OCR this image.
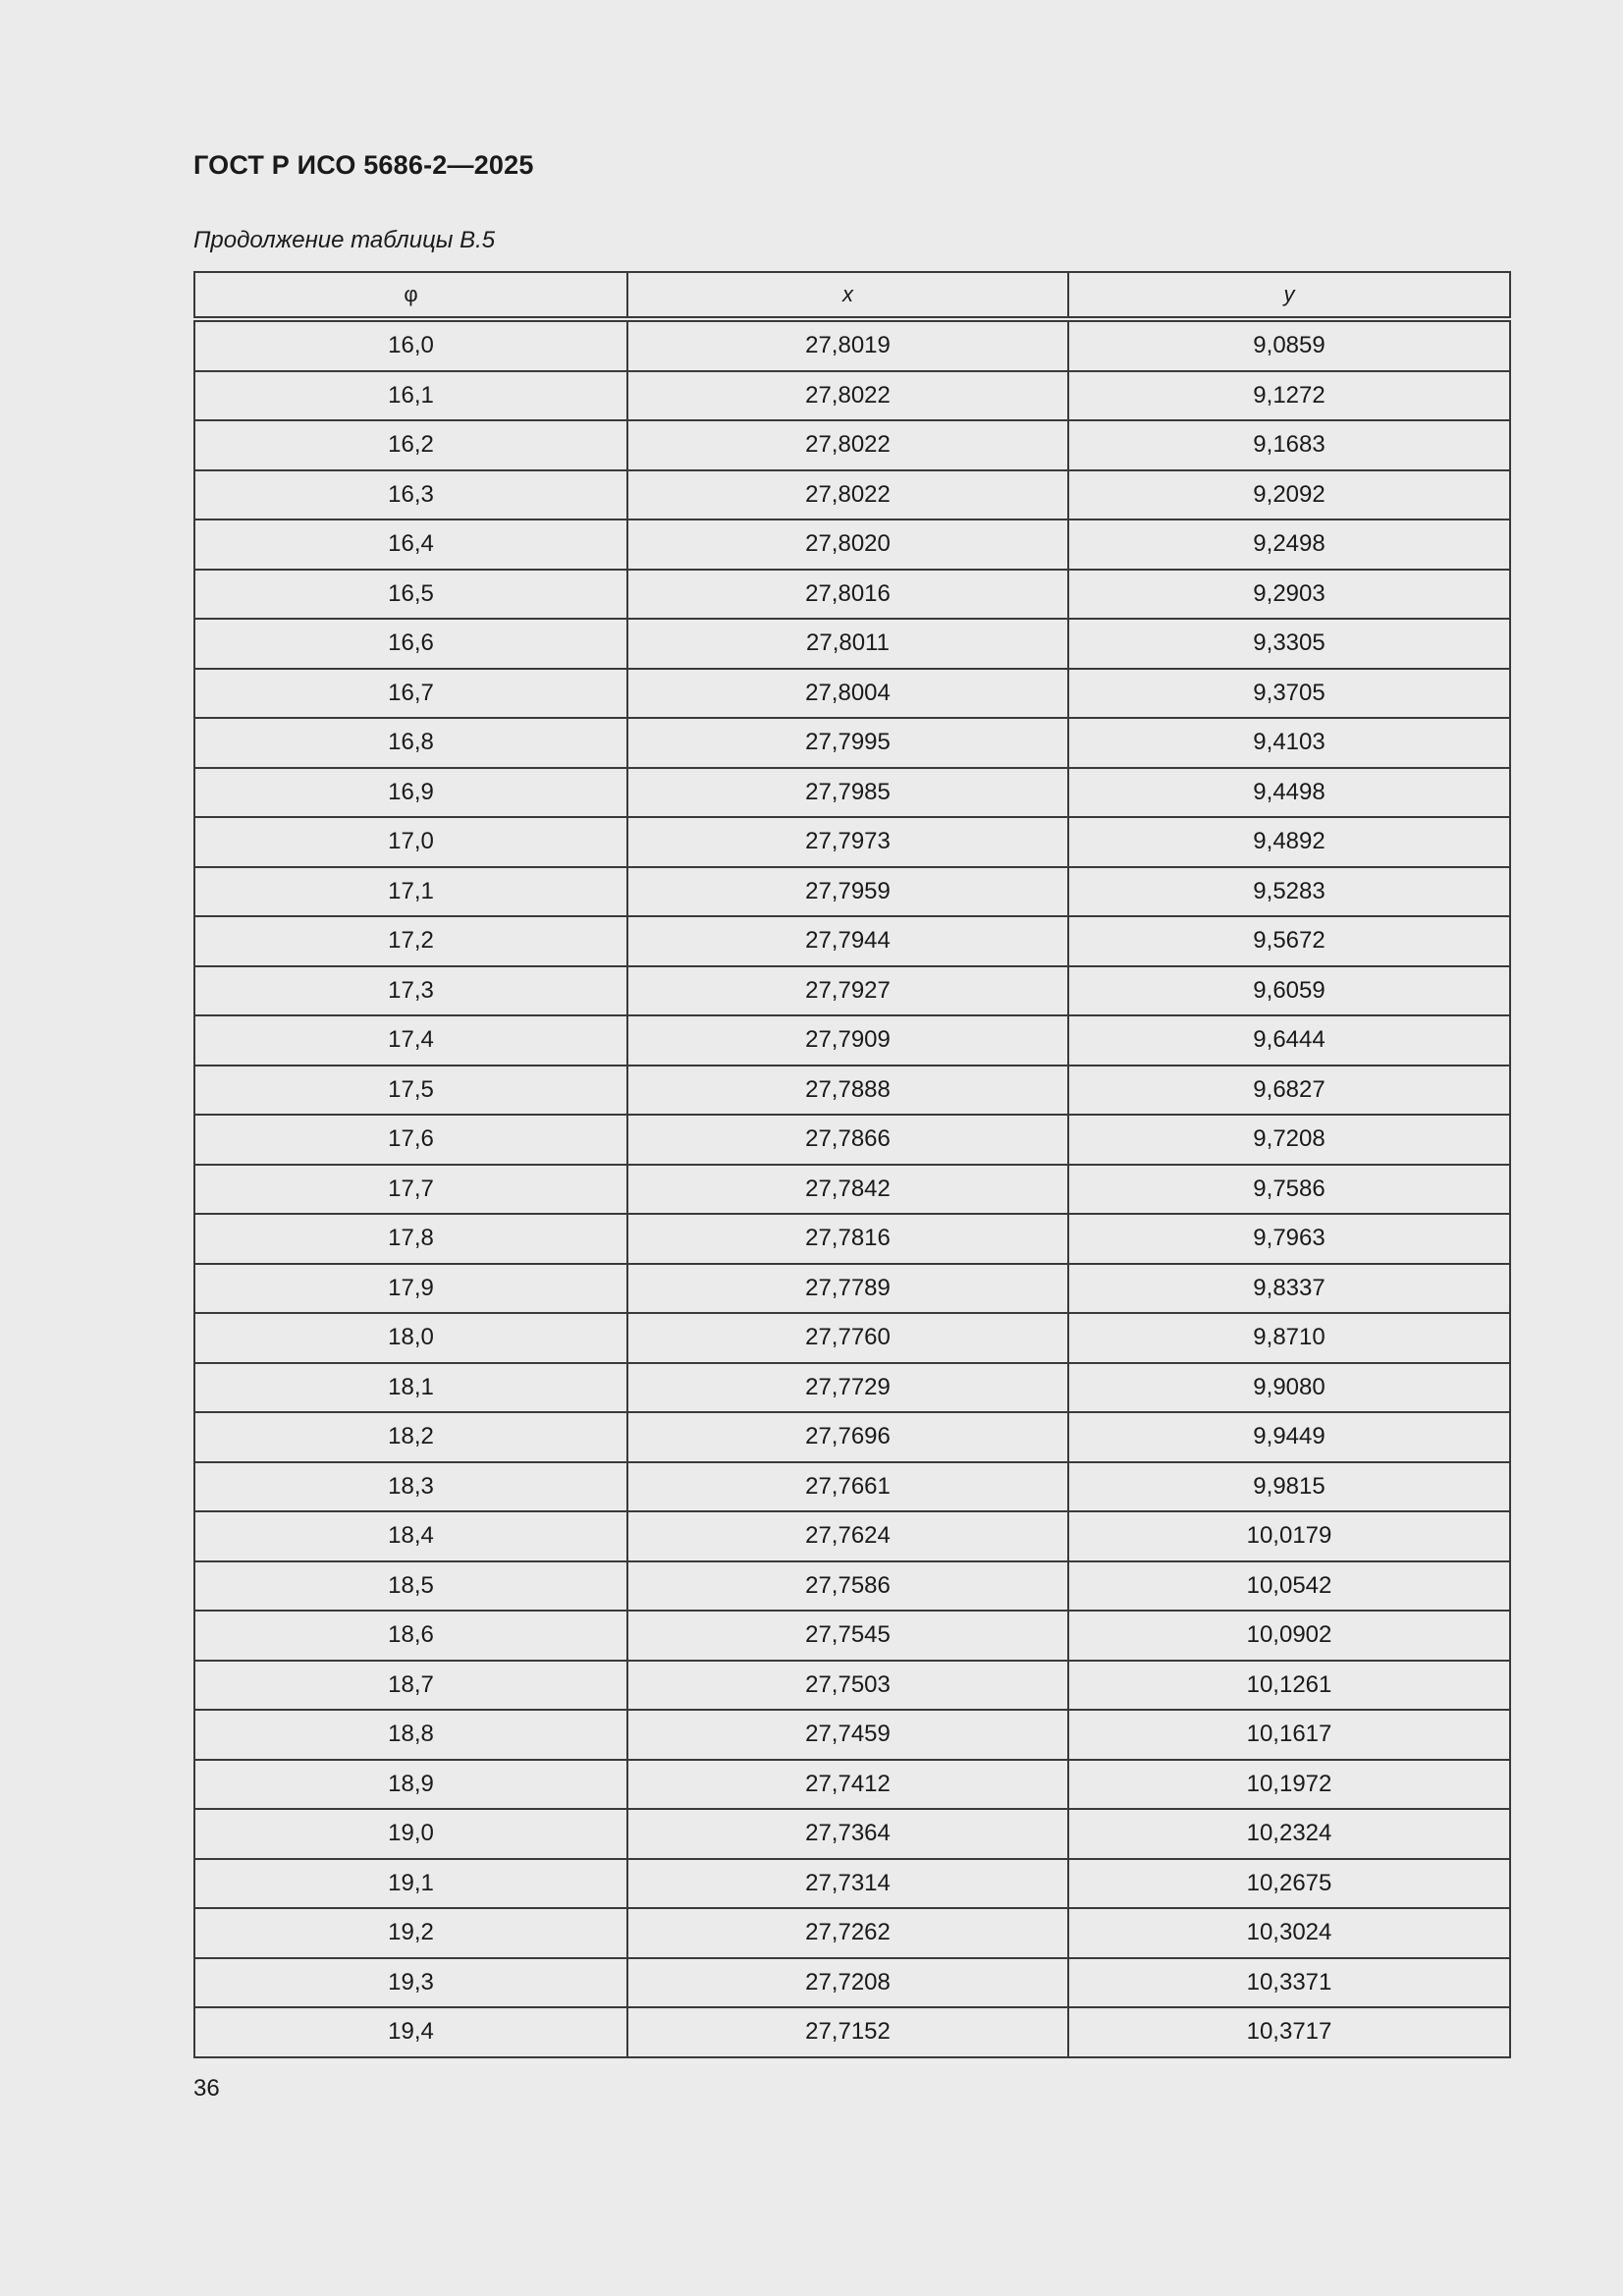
ГОСТ Р ИСО 5686-2—2025
Продолжение таблицы B.5
φ	x	y
16,0	27,8019	9,0859
16,1	27,8022	9,1272
16,2	27,8022	9,1683
16,3	27,8022	9,2092
16,4	27,8020	9,2498
16,5	27,8016	9,2903
16,6	27,8011	9,3305
16,7	27,8004	9,3705
16,8	27,7995	9,4103
16,9	27,7985	9,4498
17,0	27,7973	9,4892
17,1	27,7959	9,5283
17,2	27,7944	9,5672
17,3	27,7927	9,6059
17,4	27,7909	9,6444
17,5	27,7888	9,6827
17,6	27,7866	9,7208
17,7	27,7842	9,7586
17,8	27,7816	9,7963
17,9	27,7789	9,8337
18,0	27,7760	9,8710
18,1	27,7729	9,9080
18,2	27,7696	9,9449
18,3	27,7661	9,9815
18,4	27,7624	10,0179
18,5	27,7586	10,0542
18,6	27,7545	10,0902
18,7	27,7503	10,1261
18,8	27,7459	10,1617
18,9	27,7412	10,1972
19,0	27,7364	10,2324
19,1	27,7314	10,2675
19,2	27,7262	10,3024
19,3	27,7208	10,3371
19,4	27,7152	10,3717
36
